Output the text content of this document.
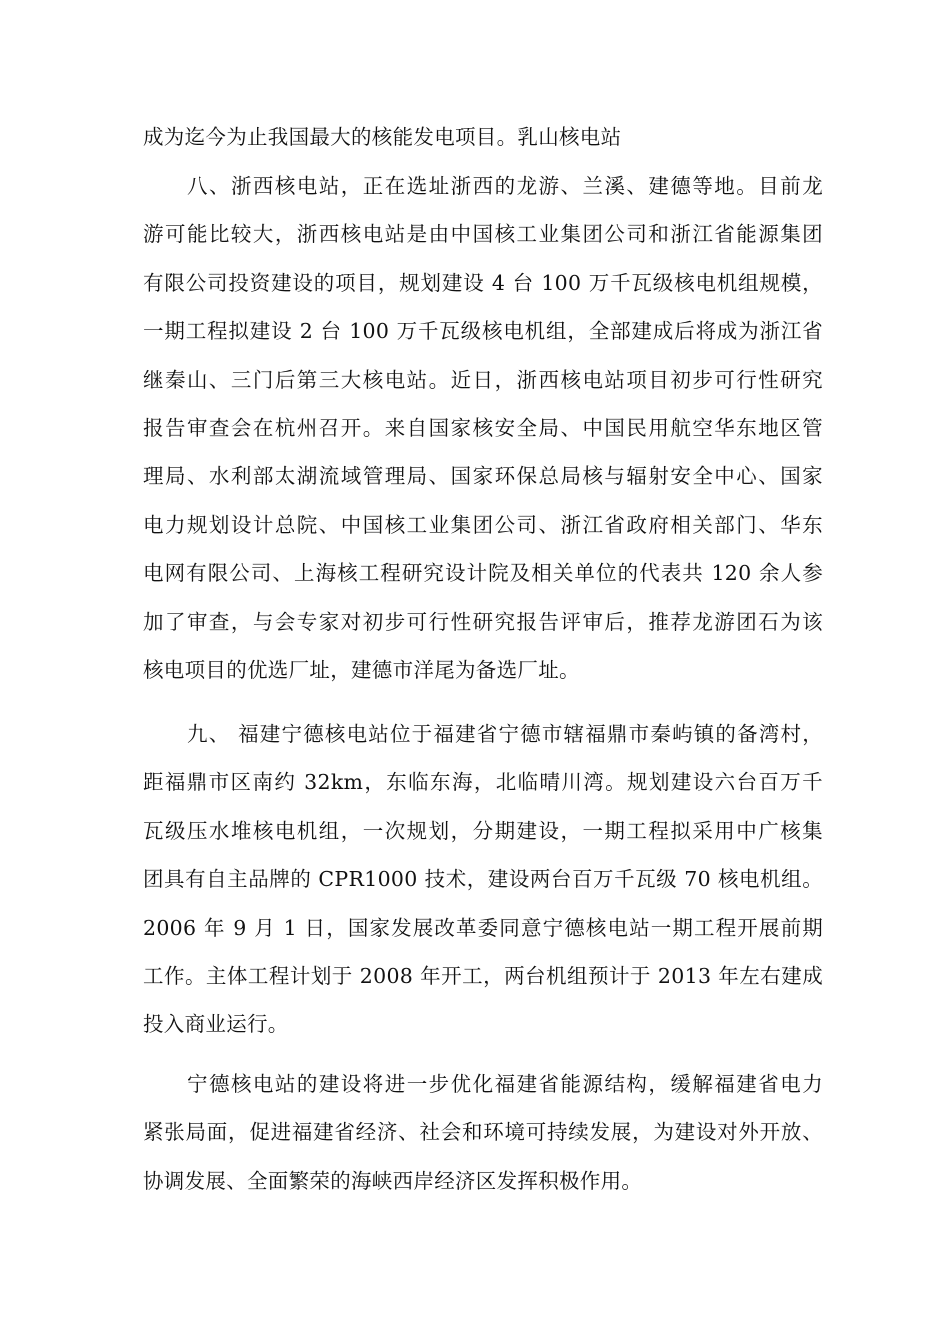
成为迄今为止我国最大的核能发电项目。乳山核电站
八、浙西核电站，正在选址浙西的龙游、兰溪、建德等地。目前龙
游可能比较大，浙西核电站是由中国核工业集团公司和浙江省能源集团
有限公司投资建设的项目，规划建设 4 台 100 万千瓦级核电机组规模，
一期工程拟建设 2 台 100 万千瓦级核电机组，全部建成后将成为浙江省
继秦山、三门后第三大核电站。近日，浙西核电站项目初步可行性研究
报告审查会在杭州召开。来自国家核安全局、中国民用航空华东地区管
理局、水利部太湖流域管理局、国家环保总局核与辐射安全中心、国家
电力规划设计总院、中国核工业集团公司、浙江省政府相关部门、华东
电网有限公司、上海核工程研究设计院及相关单位的代表共 120 余人参
加了审查，与会专家对初步可行性研究报告评审后，推荐龙游团石为该
核电项目的优选厂址，建德市洋尾为备选厂址。
九、 福建宁德核电站位于福建省宁德市辖福鼎市秦屿镇的备湾村，
距福鼎市区南约 32km，东临东海，北临晴川湾。规划建设六台百万千
瓦级压水堆核电机组，一次规划，分期建设，一期工程拟采用中广核集
团具有自主品牌的 CPR1000 技术，建设两台百万千瓦级 70 核电机组。
2006 年 9 月 1 日，国家发展改革委同意宁德核电站一期工程开展前期
工作。主体工程计划于 2008 年开工，两台机组预计于 2013 年左右建成
投入商业运行。
宁德核电站的建设将进一步优化福建省能源结构，缓解福建省电力
紧张局面，促进福建省经济、社会和环境可持续发展，为建设对外开放、
协调发展、全面繁荣的海峡西岸经济区发挥积极作用。
